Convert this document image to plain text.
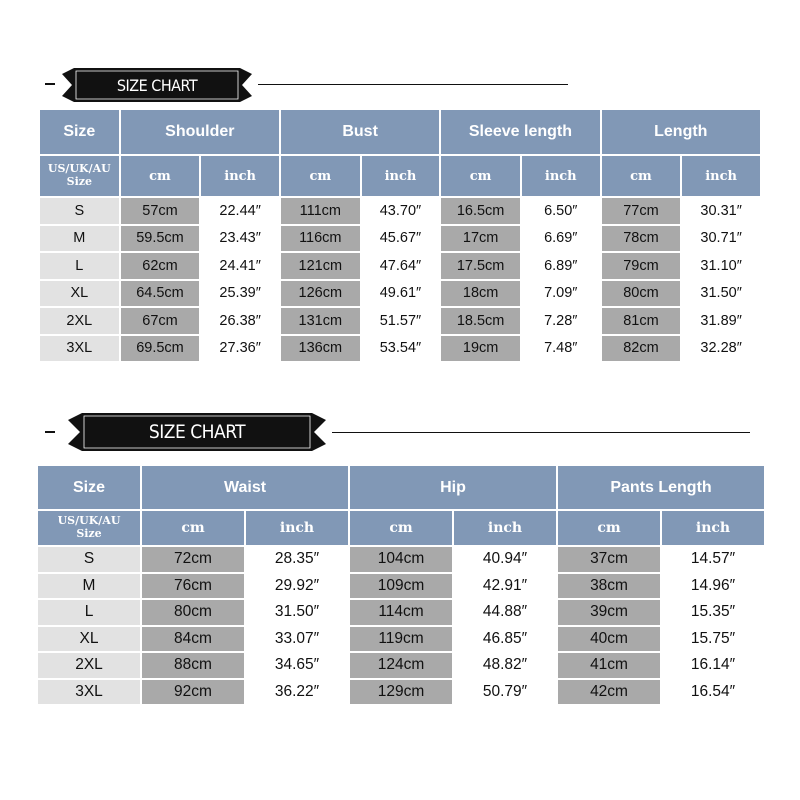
SIZE CHART
Size	Shoulder		Bust		Sleeve length		Length	

US/UK/AU
Size	cm	inch	cm	inch	cm	inch	cm	inch
S	57cm	22.44″	111cm	43.70″	16.5cm	6.50″	77cm	30.31″
M	59.5cm	23.43″	116cm	45.67″	17cm	6.69″	78cm	30.71″
L	62cm	24.41″	121cm	47.64″	17.5cm	6.89″	79cm	31.10″
XL	64.5cm	25.39″	126cm	49.61″	18cm	7.09″	80cm	31.50″
2XL	67cm	26.38″	131cm	51.57″	18.5cm	7.28″	81cm	31.89″
3XL	69.5cm	27.36″	136cm	53.54″	19cm	7.48″	82cm	32.28″
SIZE CHART
Size	Waist		Hip		Pants Length	

US/UK/AU
Size	cm	inch	cm	inch	cm	inch
S	72cm	28.35″	104cm	40.94″	37cm	14.57″
M	76cm	29.92″	109cm	42.91″	38cm	14.96″
L	80cm	31.50″	114cm	44.88″	39cm	15.35″
XL	84cm	33.07″	119cm	46.85″	40cm	15.75″
2XL	88cm	34.65″	124cm	48.82″	41cm	16.14″
3XL	92cm	36.22″	129cm	50.79″	42cm	16.54″
